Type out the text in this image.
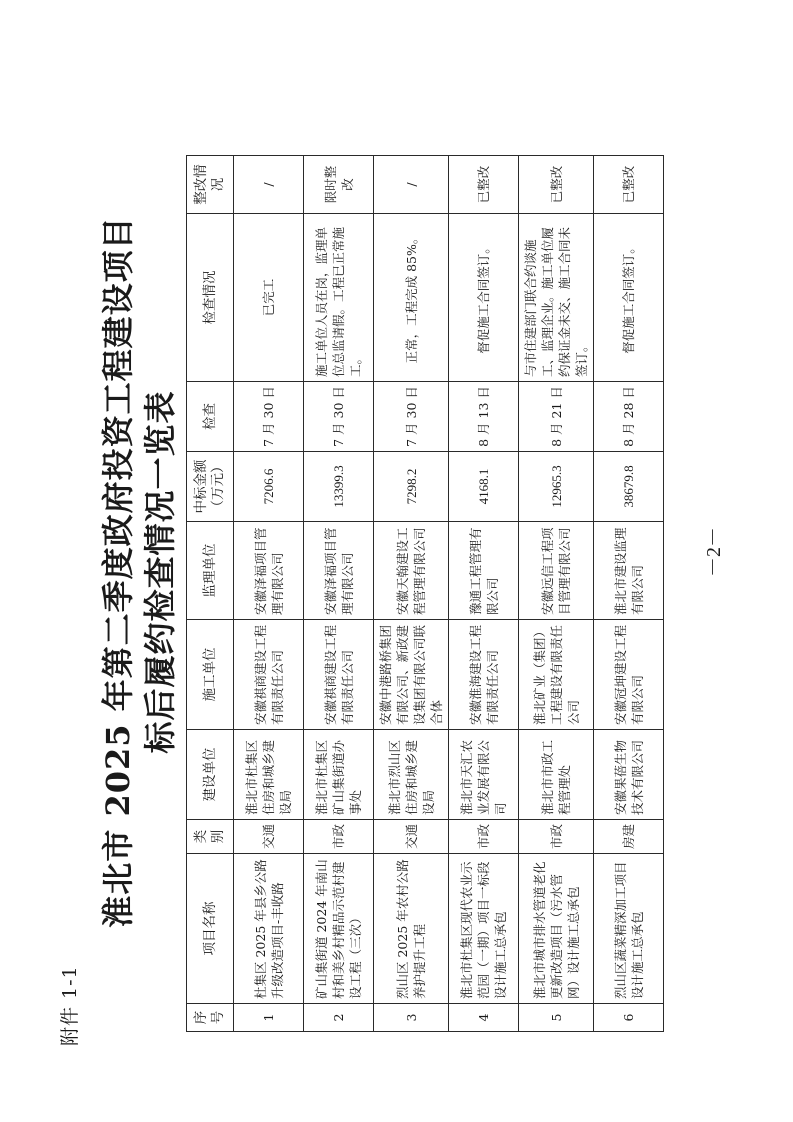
附件 1-1
淮北市 2025 年第二季度政府投资工程建设项目 标后履约检查情况一览表
序号	项目名称	类别	建设单位	施工单位	监理单位	中标金额（万元）	检查	检查情况	整改情况
1	杜集区 2025 年县乡公路升级改造项目-丰收路	交通	淮北市杜集区住房和城乡建设局	安徽祺商建设工程有限责任公司	安徽泽福项目管理有限公司	7206.6	7 月 30 日	已完工	/
2	矿山集街道 2024 年南山村和美乡村精品示范村建设工程（三次）	市政	淮北市杜集区矿山集街道办事处	安徽祺商建设工程有限责任公司	安徽泽福项目管理有限公司	13399.3	7 月 30 日	施工单位人员在岗，监理单位总监请假。工程已正常施工。	限时整改
3	烈山区 2025 年农村公路养护提升工程	交通	淮北市烈山区住房和城乡建设局	安徽中港路桥集团有限公司、新政建设集团有限公司联合体	安徽天翰建设工程管理有限公司	7298.2	7 月 30 日	正常，工程完成 85%。	/
4	淮北市杜集区现代农业示范园（一期）项目一标段设计施工总承包	市政	淮北市天汇农业发展有限公司	安徽淮海建设工程有限责任公司	豫通工程管理有限公司	4168.1	8 月 13 日	督促施工合同签订。	已整改
5	淮北市城市排水管道老化更新改造项目（污水管网）设计施工总承包	市政	淮北市市政工程管理处	淮北矿业（集团）工程建设有限责任公司	安徽远信工程项目管理有限公司	12965.3	8 月 21 日	与市住建部门联合约谈施工、监理企业。施工单位履约保证金未交、施工合同未签订。	已整改
6	烈山区蔬菜精深加工项目设计施工总承包	房建	安徽果蓓生物技术有限公司	安徽冠坤建设工程有限公司	淮北市建设监理有限公司	38679.8	8 月 28 日	督促施工合同签订。	已整改
－2－
